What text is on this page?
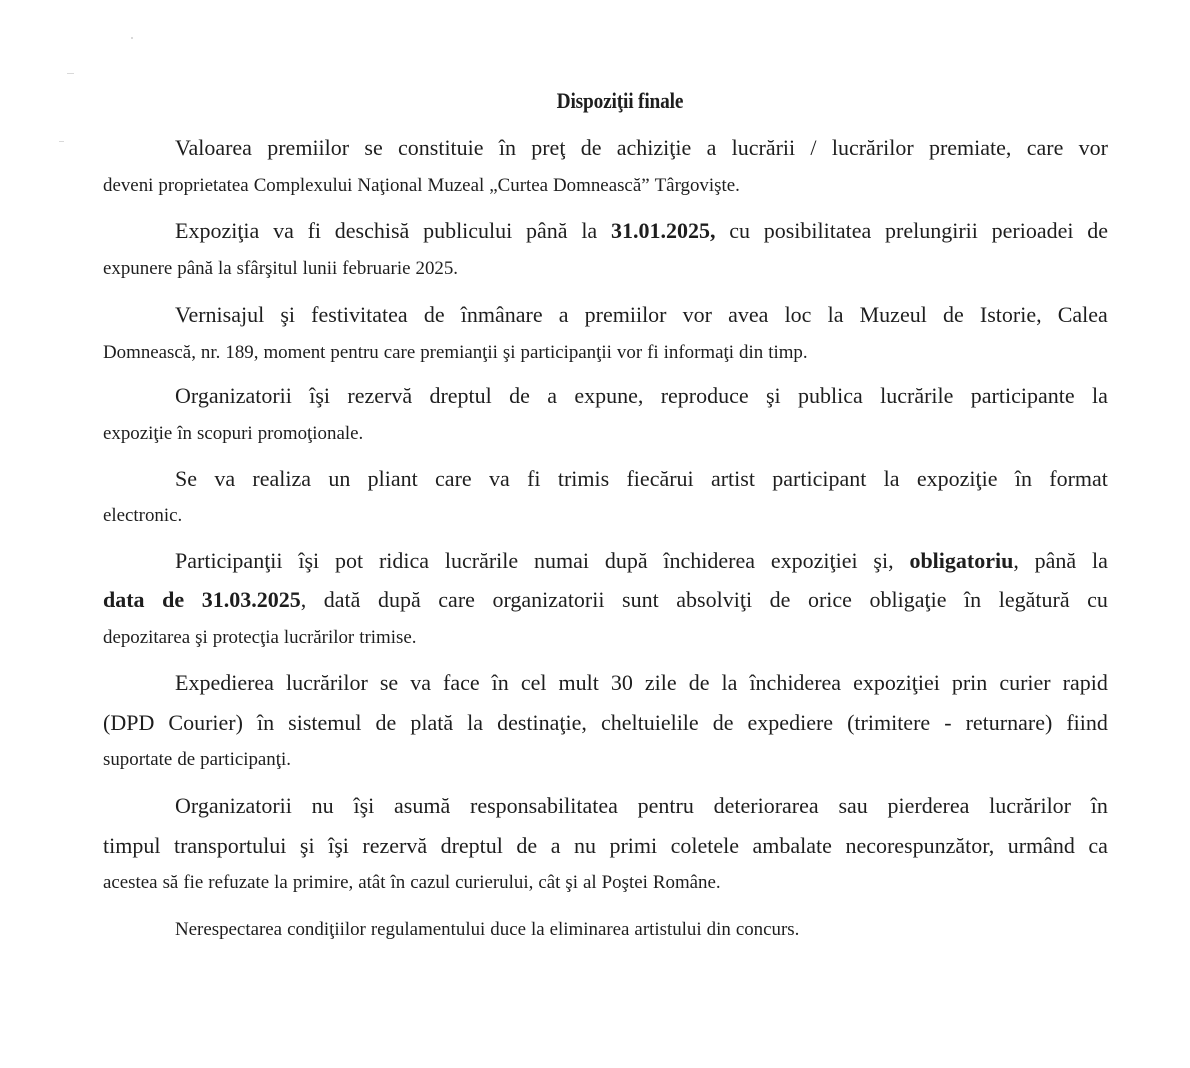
Dispoziţii finale
Valoarea premiilor se constituie în preţ de achiziţie a lucrării / lucrărilor premiate, care vor
deveni proprietatea Complexului Naţional Muzeal „Curtea Domnească” Târgovişte.
Expoziţia va fi deschisă publicului până la 31.01.2025, cu posibilitatea prelungirii perioadei de
expunere până la sfârşitul lunii februarie 2025.
Vernisajul şi festivitatea de înmânare a premiilor vor avea loc la Muzeul de Istorie, Calea
Domnească, nr. 189, moment pentru care premianţii şi participanţii vor fi informaţi din timp.
Organizatorii îşi rezervă dreptul de a expune, reproduce şi publica lucrările participante la
expoziţie în scopuri promoţionale.
Se va realiza un pliant care va fi trimis fiecărui artist participant la expoziţie în format
electronic.
Participanţii îşi pot ridica lucrările numai după închiderea expoziţiei şi, obligatoriu, până la
data de 31.03.2025, dată după care organizatorii sunt absolviţi de orice obligaţie în legătură cu
depozitarea şi protecţia lucrărilor trimise.
Expedierea lucrărilor se va face în cel mult 30 zile de la închiderea expoziţiei prin curier rapid
(DPD Courier) în sistemul de plată la destinaţie, cheltuielile de expediere (trimitere - returnare) fiind
suportate de participanţi.
Organizatorii nu îşi asumă responsabilitatea pentru deteriorarea sau pierderea lucrărilor în
timpul transportului şi îşi rezervă dreptul de a nu primi coletele ambalate necorespunzător, urmând ca
acestea să fie refuzate la primire, atât în cazul curierului, cât şi al Poştei Române.
Nerespectarea condiţiilor regulamentului duce la eliminarea artistului din concurs.
